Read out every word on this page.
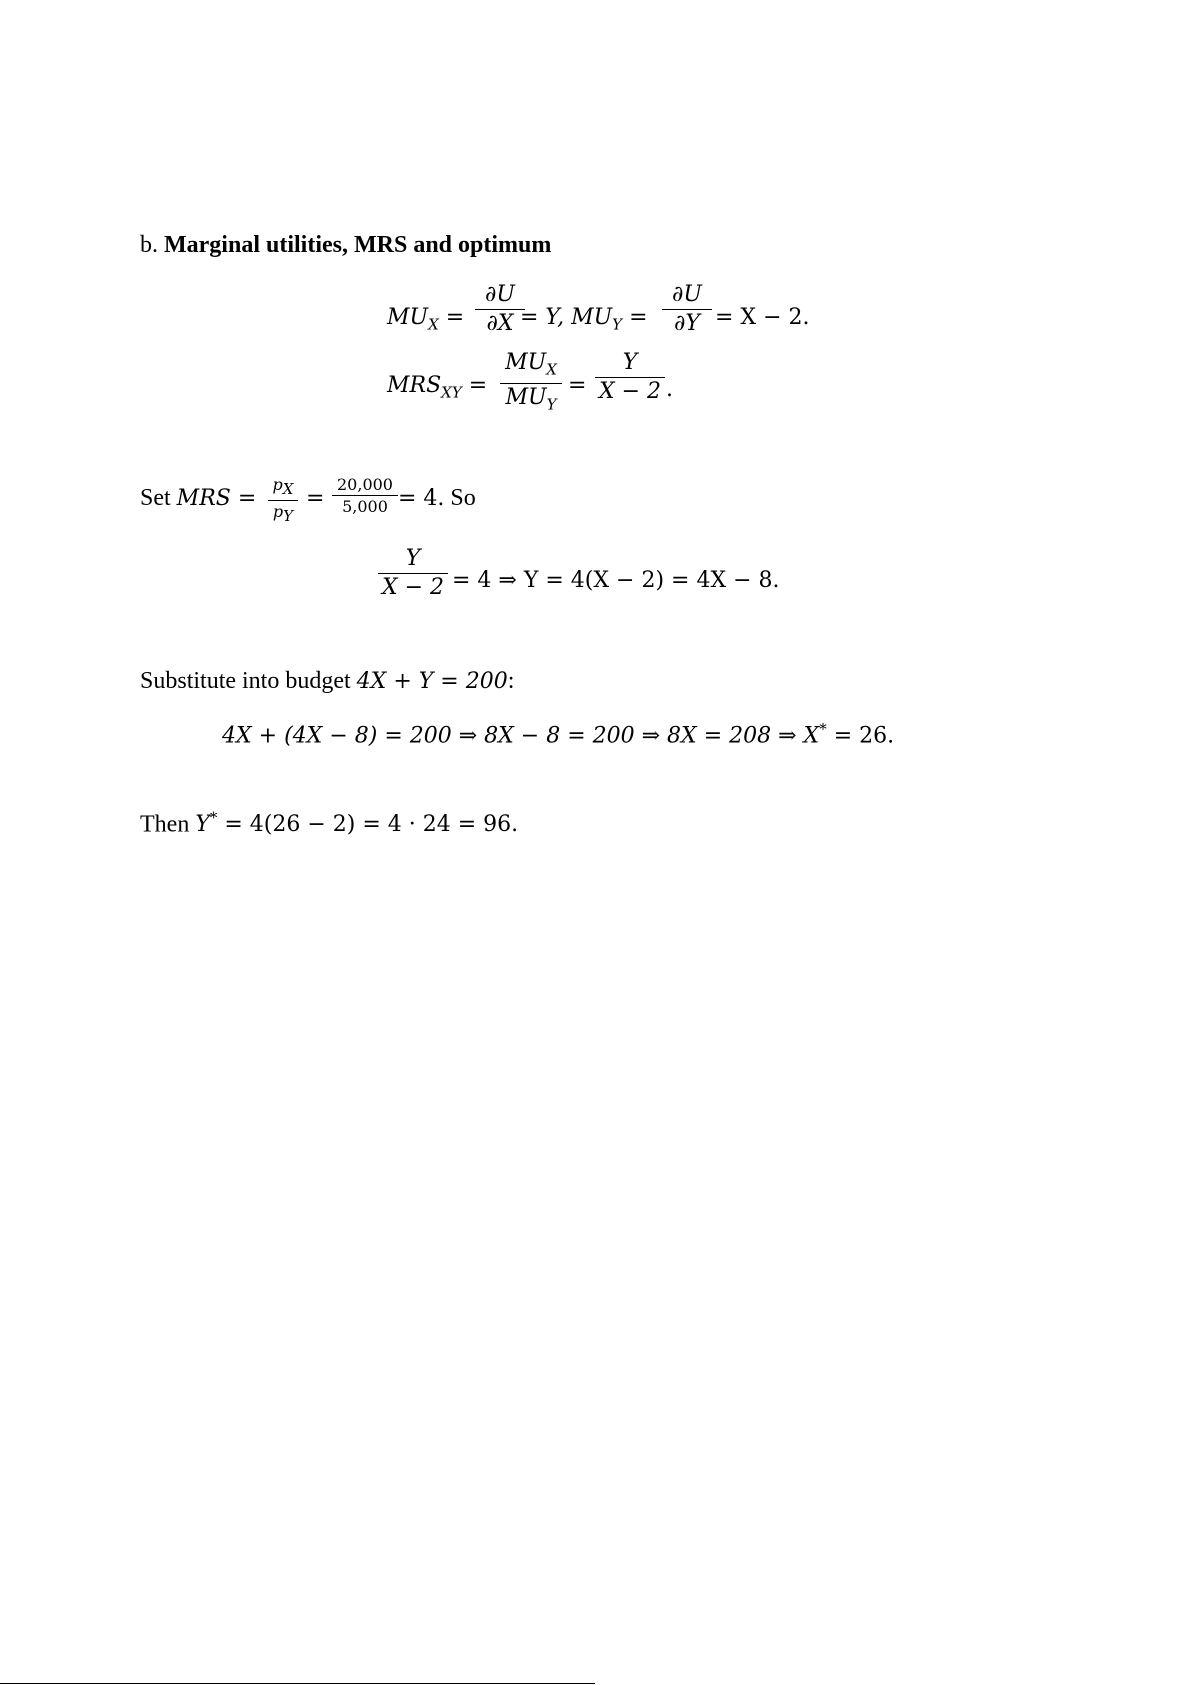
b. Marginal utilities, MRS and optimum
$MU_X$ =
∂U
∂X = Y, $MU_Y$ =
∂U
∂Y = X − 2.
$MRS_{XY}$ =
$MU_X$
$MU_Y$
=
Y
X − 2 .
Set MRS =
$p_X$
$p_Y$
=
20,000
5,000 = 4. So
Y
X − 2 = 4 ⇒ Y = 4(X − 2) = 4X − 8.
Substitute into budget 4X + Y = 200:
4X + (4X − 8) = 200 ⇒ 8X − 8 = 200 ⇒ 8X = 208 ⇒ X* = 26.
Then Y* = 4(26 − 2) = 4 · 24 = 96.
